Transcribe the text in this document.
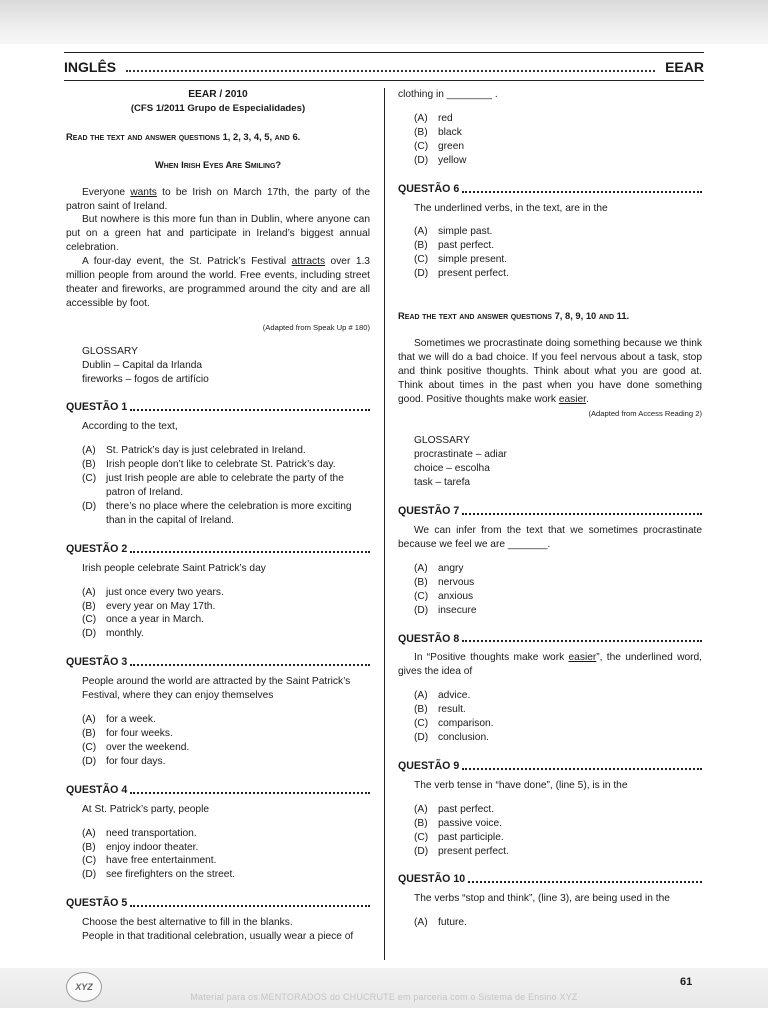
INGLÊS	EEAR

EEAR / 2010

(CFS 1/2011 Grupo de Especialidades)

Read the text and answer questions 1, 2, 3, 4, 5, and 6.

When Irish Eyes Are Smiling?

Everyone wants to be Irish on March 17th, the party of the patron saint of Ireland.

But nowhere is this more fun than in Dublin, where anyone can put on a green hat and participate in Ireland’s biggest annual celebration.

A four-day event, the St. Patrick’s Festival attracts over 1.3 million people from around the world. Free events, including street theater and fireworks, are programmed around the city and are all accessible by foot.

(Adapted from Speak Up # 180)

GLOSSARY

Dublin – Capital da Irlanda

fireworks – fogos de artifício

QUESTÃO 1

According to the text,

(A)	St. Patrick’s day is just celebrated in Ireland.
(B)	Irish people don’t like to celebrate St. Patrick’s day.
(C) just Irish people are able to celebrate the party of the patron of Ireland.
(D) there’s no place where the celebration is more exciting than in the capital of Ireland.
QUESTÃO 2

Irish people celebrate Saint Patrick’s day

(A)	just once every two years.
(B)	every year on May 17th.
(C) once a year in March.
(D) monthly.
QUESTÃO 3

People around the world are attracted by the Saint Patrick’s Festival, where they can enjoy themselves

(A)	for a week.
(B)	for four weeks.
(C) over the weekend.
(D) for four days.
QUESTÃO 4

At St. Patrick’s party, people

(A)	need transportation.
(B)	enjoy indoor theater.
(C) have free entertainment.
(D) see firefighters on the street.
QUESTÃO 5

Choose the best alternative to fill in the blanks.

People in that traditional celebration, usually wear a piece of

clothing in ________ .

(A)	red
(B)	black
(C) green
(D) yellow
QUESTÃO 6

The underlined verbs, in the text, are in the

(A)	simple past.
(B)	past perfect.
(C) simple present.
(D) present perfect.

Read the text and answer questions 7, 8, 9, 10 and 11.

Sometimes we procrastinate doing something because we think that we will do a bad choice. If you feel nervous about a task, stop and think positive thoughts. Think about what you are good at. Think about times in the past when you have done something good. Positive thoughts make work easier.

(Adapted from Access Reading 2)

GLOSSARY

procrastinate – adiar

choice – escolha

task – tarefa

QUESTÃO 7

We can infer from the text that we sometimes procrastinate because we feel we are _______.

(A)	angry
(B)	nervous
(C) anxious
(D) insecure
QUESTÃO 8

In “Positive thoughts make work easier”, the underlined word, gives the idea of

(A)	advice.
(B)	result.
(C) comparison.
(D) conclusion.
QUESTÃO 9

The verb tense in “have done”, (line 5), is in the

(A)	past perfect.
(B)	passive voice.
(C) past participle.
(D) present perfect.
QUESTÃO 10

The verbs “stop and think”, (line 3), are being used in the

(A)	future.
XYZ
Material para os MENTORADOS do CHUCRUTE em parceria com o Sistema de Ensino XYZ
61
